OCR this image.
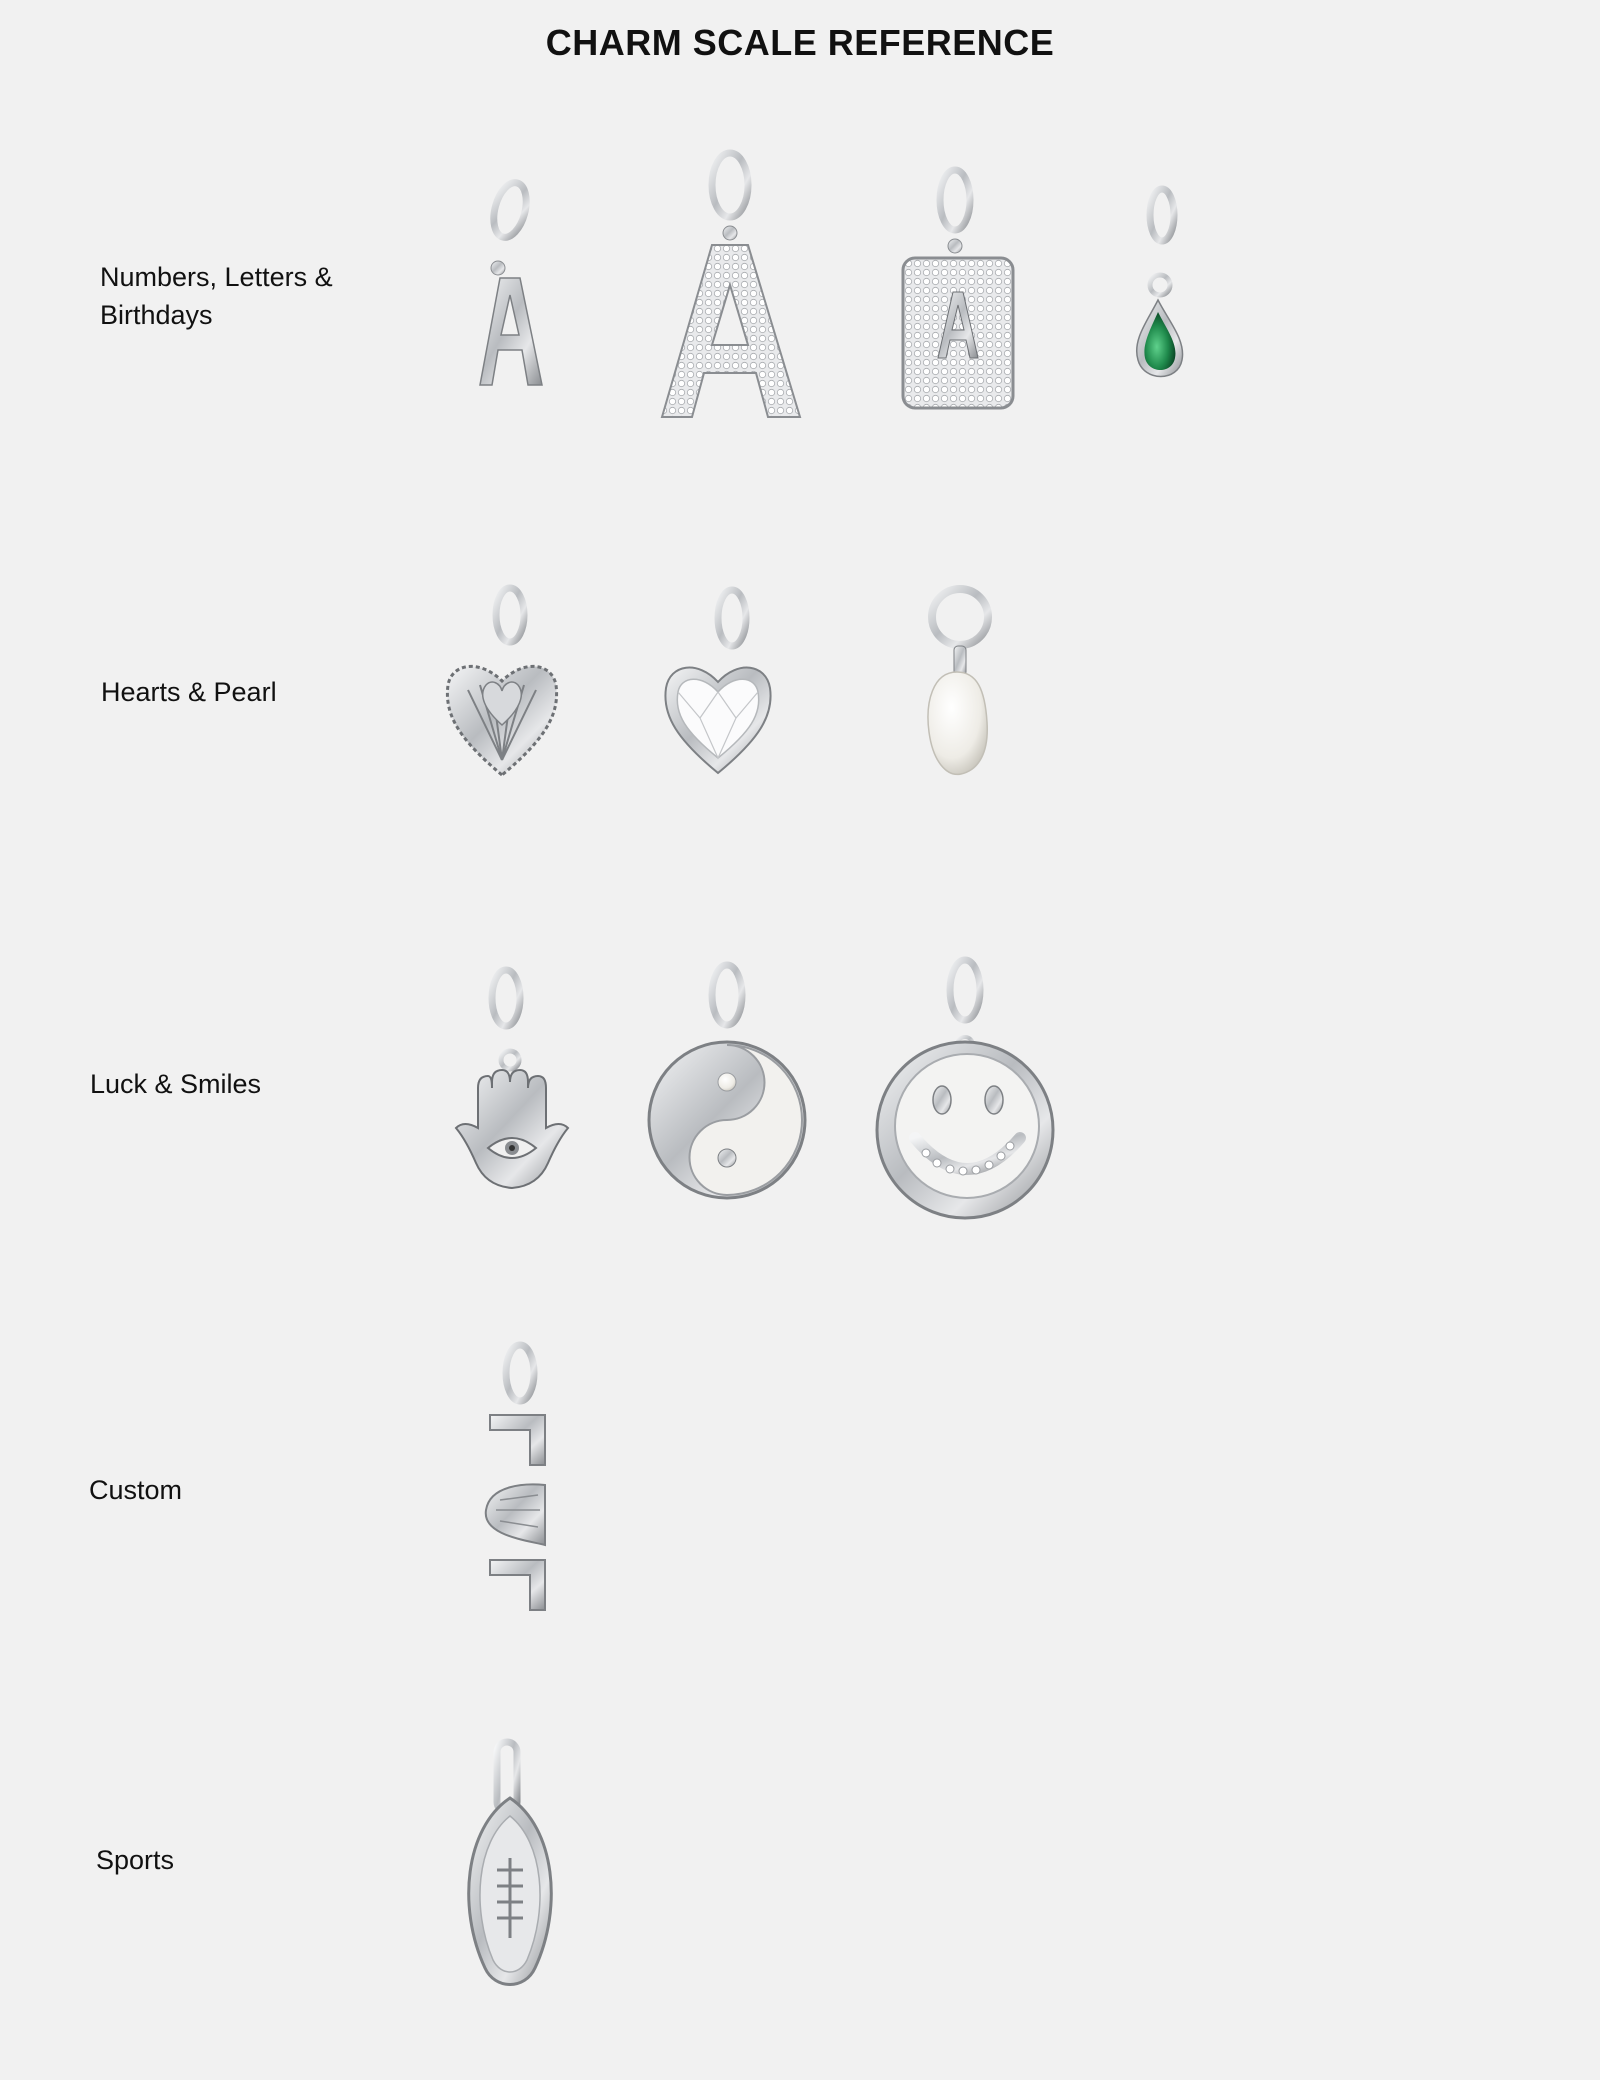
CHARM SCALE REFERENCE
Numbers, Letters &
Birthdays
Hearts & Pearl
Luck & Smiles
Custom
Sports
